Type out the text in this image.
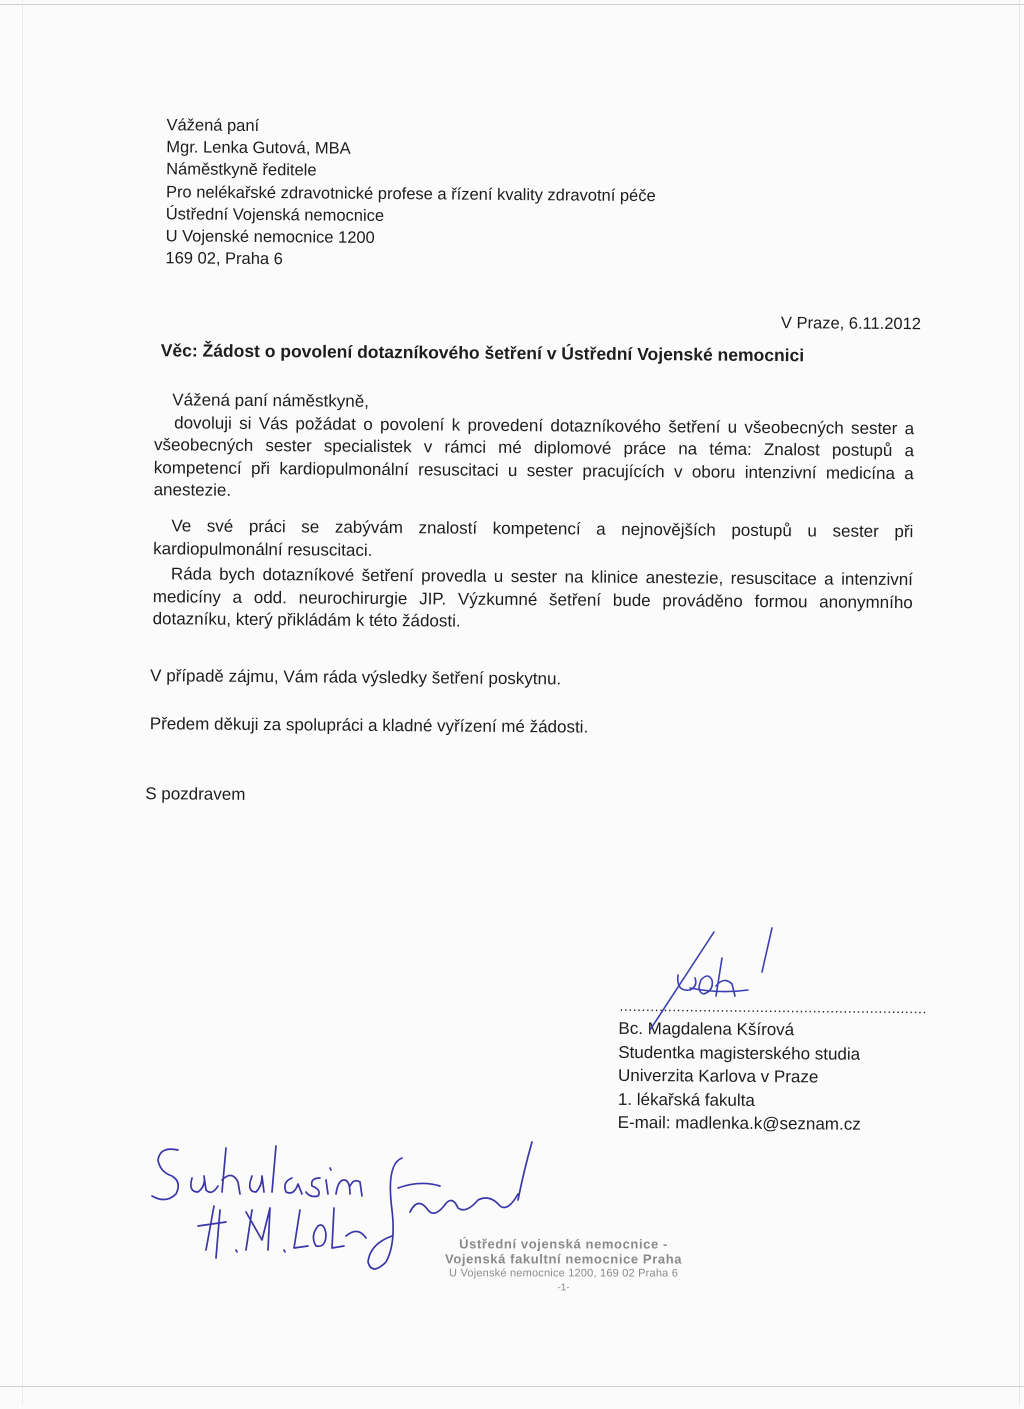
Vážená paní
Mgr. Lenka Gutová, MBA
Náměstkyně ředitele
Pro nelékařské zdravotnické profese a řízení kvality zdravotní péče
Ústřední Vojenská nemocnice
U Vojenské nemocnice 1200
169 02, Praha 6
V Praze, 6.11.2012
Věc: Žádost o povolení dotazníkového šetření v Ústřední Vojenské nemocnici

Vážená paní náměstkyně,

dovoluji si Vás požádat o povolení k provedení dotazníkového šetření u všeobecných sester a všeobecných sester specialistek v rámci mé diplomové práce na téma: Znalost postupů a kompetencí při kardiopulmonální resuscitaci u sester pracujících v oboru intenzivní medicína a anestezie.

Ve své práci se zabývám znalostí kompetencí a nejnovějších postupů u sester při kardiopulmonální resuscitaci.

Ráda bych dotazníkové šetření provedla u sester na klinice anestezie, resuscitace a intenzivní medicíny a odd. neurochirurgie JIP. Výzkumné šetření bude prováděno formou anonymního dotazníku, který přikládám k této žádosti.

V případě zájmu, Vám ráda výsledky šetření poskytnu.
Předem děkuji za spolupráci a kladné vyřízení mé žádosti.
S pozdravem
......................................................................
Bc. Magdalena Kšírová
Studentka magisterského studia
Univerzita Karlova v Praze
1. lékařská fakulta
E-mail: madlenka.k@seznam.cz
Ústřední vojenská nemocnice -
Vojenská fakultní nemocnice Praha
U Vojenské nemocnice 1200, 169 02 Praha 6
-1-
